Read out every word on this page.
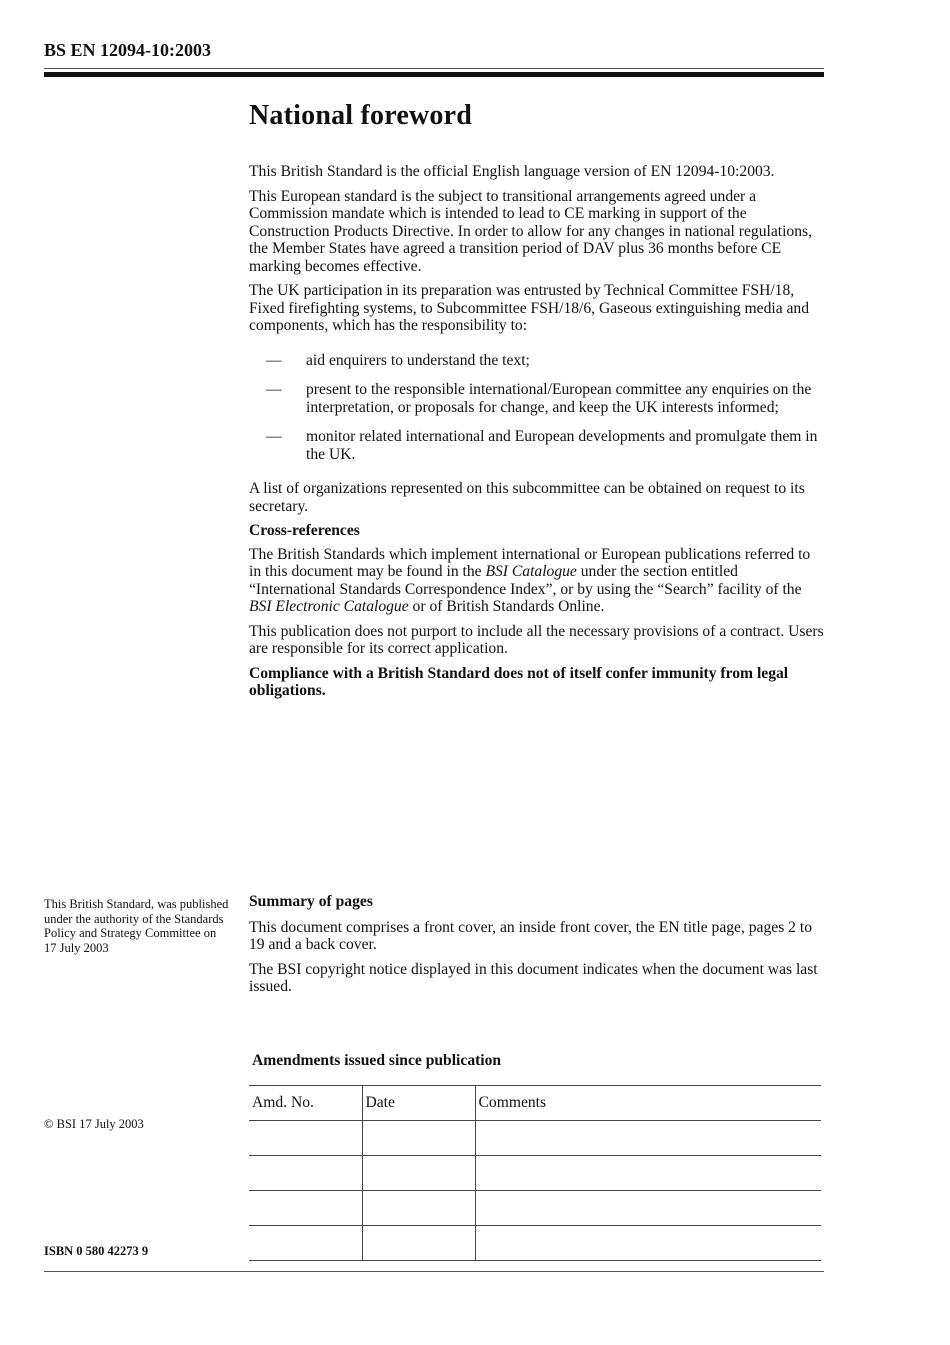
BS EN 12094-10:2003
National foreword

This British Standard is the official English language version of EN 12094-10:2003.

This European standard is the subject to transitional arrangements agreed under a Commission mandate which is intended to lead to CE marking in support of the Construction Products Directive. In order to allow for any changes in national regulations, the Member States have agreed a transition period of DAV plus 36 months before CE marking becomes effective.

The UK participation in its preparation was entrusted by Technical Committee FSH/18, Fixed firefighting systems, to Subcommittee FSH/18/6, Gaseous extinguishing media and components, which has the responsibility to:

— aid enquirers to understand the text;
— present to the responsible international/European committee any enquiries on the interpretation, or proposals for change, and keep the UK interests informed;
— monitor related international and European developments and promulgate them in the UK.

A list of organizations represented on this subcommittee can be obtained on request to its secretary.

Cross-references

The British Standards which implement international or European publications referred to in this document may be found in the BSI Catalogue under the section entitled “International Standards Correspondence Index”, or by using the “Search” facility of the BSI Electronic Catalogue or of British Standards Online.

This publication does not purport to include all the necessary provisions of a contract. Users are responsible for its correct application.

Compliance with a British Standard does not of itself confer immunity from legal obligations.

This British Standard, was published under the authority of the Standards Policy and Strategy Committee on 17 July 2003

Summary of pages

This document comprises a front cover, an inside front cover, the EN title page, pages 2 to 19 and a back cover.

The BSI copyright notice displayed in this document indicates when the document was last issued.

Amendments issued since publication
Amd. No.	Date	Comments

© BSI 17 July 2003
ISBN 0 580 42273 9
